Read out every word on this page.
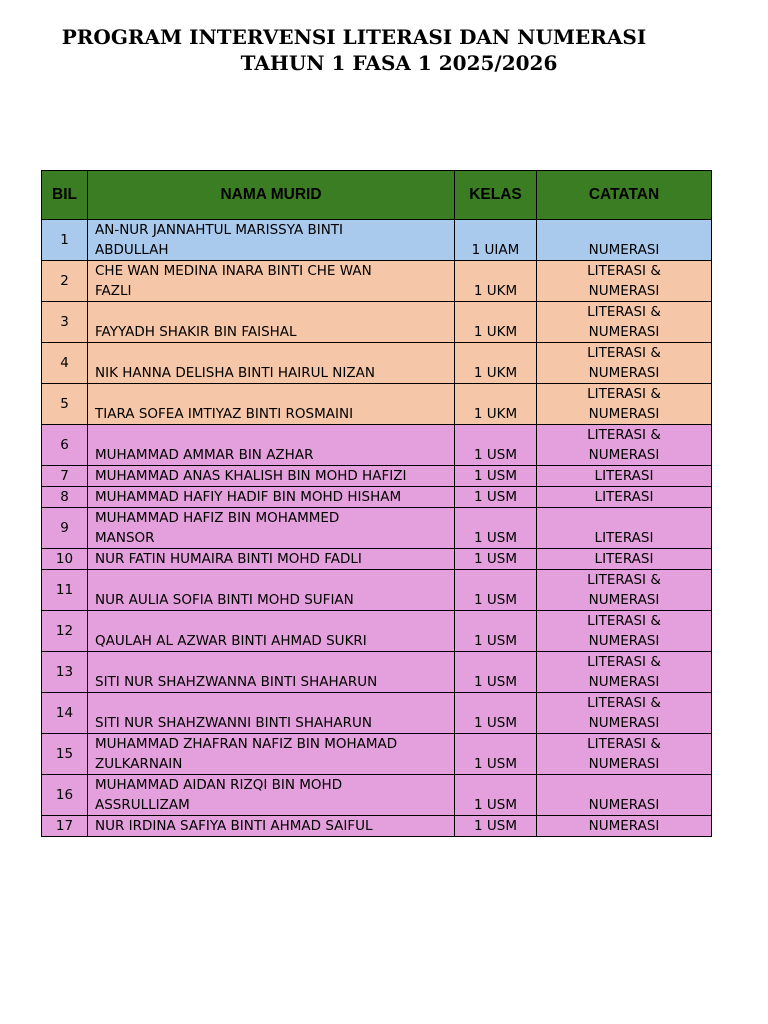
PROGRAM INTERVENSI LITERASI DAN NUMERASI
TAHUN 1 FASA 1 2025/2026
BIL	NAMA MURID	KELAS	CATATAN
1	AN-NUR JANNAHTUL MARISSYA BINTI
ABDULLAH	1 UIAM	NUMERASI
2	CHE WAN MEDINA INARA BINTI CHE WAN
FAZLI	1 UKM	LITERASI &
NUMERASI
3	FAYYADH SHAKIR BIN FAISHAL	1 UKM	LITERASI &
NUMERASI
4	NIK HANNA DELISHA BINTI HAIRUL NIZAN	1 UKM	LITERASI &
NUMERASI
5	TIARA SOFEA IMTIYAZ BINTI ROSMAINI	1 UKM	LITERASI &
NUMERASI
6	MUHAMMAD AMMAR BIN AZHAR	1 USM	LITERASI &
NUMERASI
7	MUHAMMAD ANAS KHALISH BIN MOHD HAFIZI	1 USM	LITERASI
8	MUHAMMAD HAFIY HADIF BIN MOHD HISHAM	1 USM	LITERASI
9	MUHAMMAD HAFIZ BIN MOHAMMED
MANSOR	1 USM	LITERASI
10	NUR FATIN HUMAIRA BINTI MOHD FADLI	1 USM	LITERASI
11	NUR AULIA SOFIA BINTI MOHD SUFIAN	1 USM	LITERASI &
NUMERASI
12	QAULAH AL AZWAR BINTI AHMAD SUKRI	1 USM	LITERASI &
NUMERASI
13	SITI NUR SHAHZWANNA BINTI SHAHARUN	1 USM	LITERASI &
NUMERASI
14	SITI NUR SHAHZWANNI BINTI SHAHARUN	1 USM	LITERASI &
NUMERASI
15	MUHAMMAD ZHAFRAN NAFIZ BIN MOHAMAD
ZULKARNAIN	1 USM	LITERASI &
NUMERASI
16	MUHAMMAD AIDAN RIZQI BIN MOHD
ASSRULLIZAM	1 USM	NUMERASI
17	NUR IRDINA SAFIYA BINTI AHMAD SAIFUL	1 USM	NUMERASI
